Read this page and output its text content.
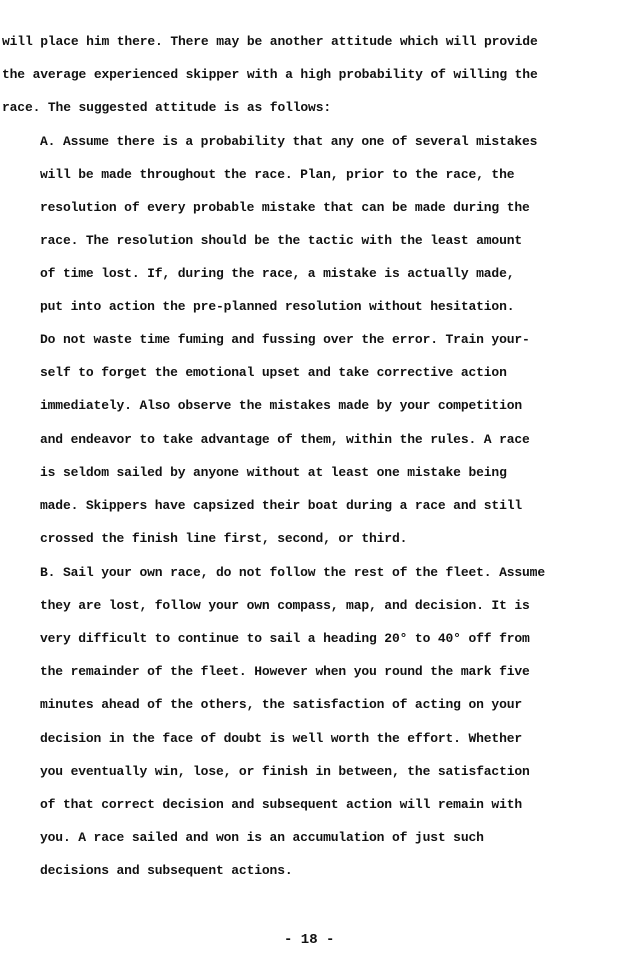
will place him there. There may be another attitude which will provide
the average experienced skipper with a high probability of willing the
race. The suggested attitude is as follows:
A. Assume there is a probability that any one of several mistakes
will be made throughout the race. Plan, prior to the race, the
resolution of every probable mistake that can be made during the
race. The resolution should be the tactic with the least amount
of time lost. If, during the race, a mistake is actually made,
put into action the pre-planned resolution without hesitation.
Do not waste time fuming and fussing over the error. Train your-
self to forget the emotional upset and take corrective action
immediately. Also observe the mistakes made by your competition
and endeavor to take advantage of them, within the rules. A race
is seldom sailed by anyone without at least one mistake being
made. Skippers have capsized their boat during a race and still
crossed the finish line first, second, or third.
B. Sail your own race, do not follow the rest of the fleet. Assume
they are lost, follow your own compass, map, and decision. It is
very difficult to continue to sail a heading 20° to 40° off from
the remainder of the fleet. However when you round the mark five
minutes ahead of the others, the satisfaction of acting on your
decision in the face of doubt is well worth the effort. Whether
you eventually win, lose, or finish in between, the satisfaction
of that correct decision and subsequent action will remain with
you. A race sailed and won is an accumulation of just such
decisions and subsequent actions.
- 18 -
